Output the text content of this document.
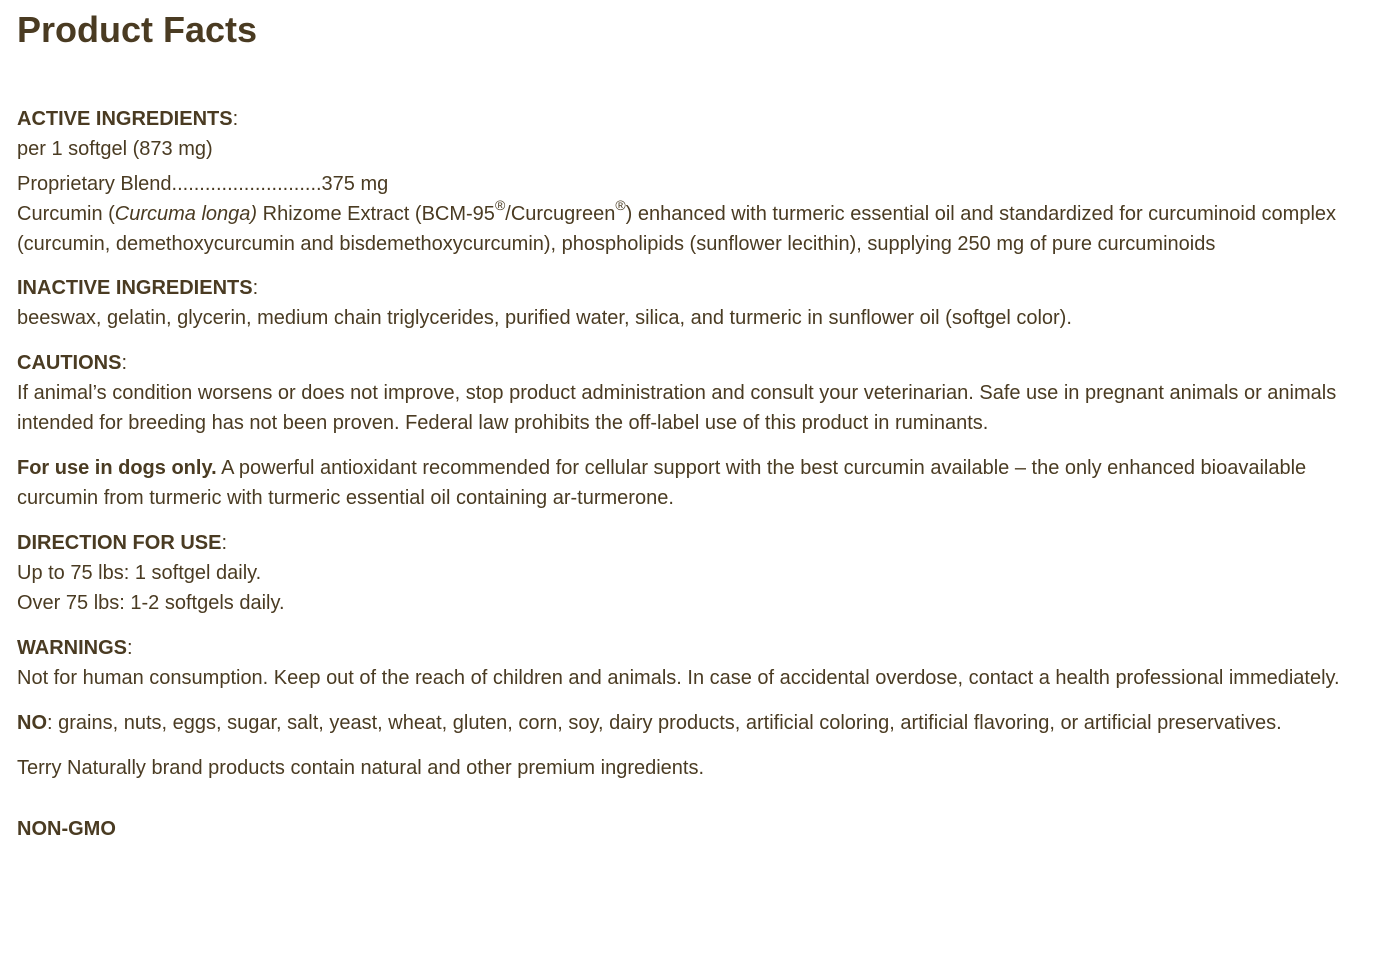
Product Facts
ACTIVE INGREDIENTS:
per 1 softgel (873 mg)
Proprietary Blend...........................375 mg
Curcumin (Curcuma longa) Rhizome Extract (BCM-95®/Curcugreen®) enhanced with turmeric essential oil and standardized for curcuminoid complex (curcumin, demethoxycurcumin and bisdemethoxycurcumin), phospholipids (sunflower lecithin), supplying 250 mg of pure curcuminoids
INACTIVE INGREDIENTS:
beeswax, gelatin, glycerin, medium chain triglycerides, purified water, silica, and turmeric in sunflower oil (softgel color).
CAUTIONS:
If animal’s condition worsens or does not improve, stop product administration and consult your veterinarian. Safe use in pregnant animals or animals intended for breeding has not been proven. Federal law prohibits the off-label use of this product in ruminants.
For use in dogs only. A powerful antioxidant recommended for cellular support with the best curcumin available – the only enhanced bioavailable curcumin from turmeric with turmeric essential oil containing ar-turmerone.
DIRECTION FOR USE:
Up to 75 lbs: 1 softgel daily.
Over 75 lbs: 1-2 softgels daily.
WARNINGS:
Not for human consumption. Keep out of the reach of children and animals. In case of accidental overdose, contact a health professional immediately.
NO: grains, nuts, eggs, sugar, salt, yeast, wheat, gluten, corn, soy, dairy products, artificial coloring, artificial flavoring, or artificial preservatives.
Terry Naturally brand products contain natural and other premium ingredients.
NON-GMO
